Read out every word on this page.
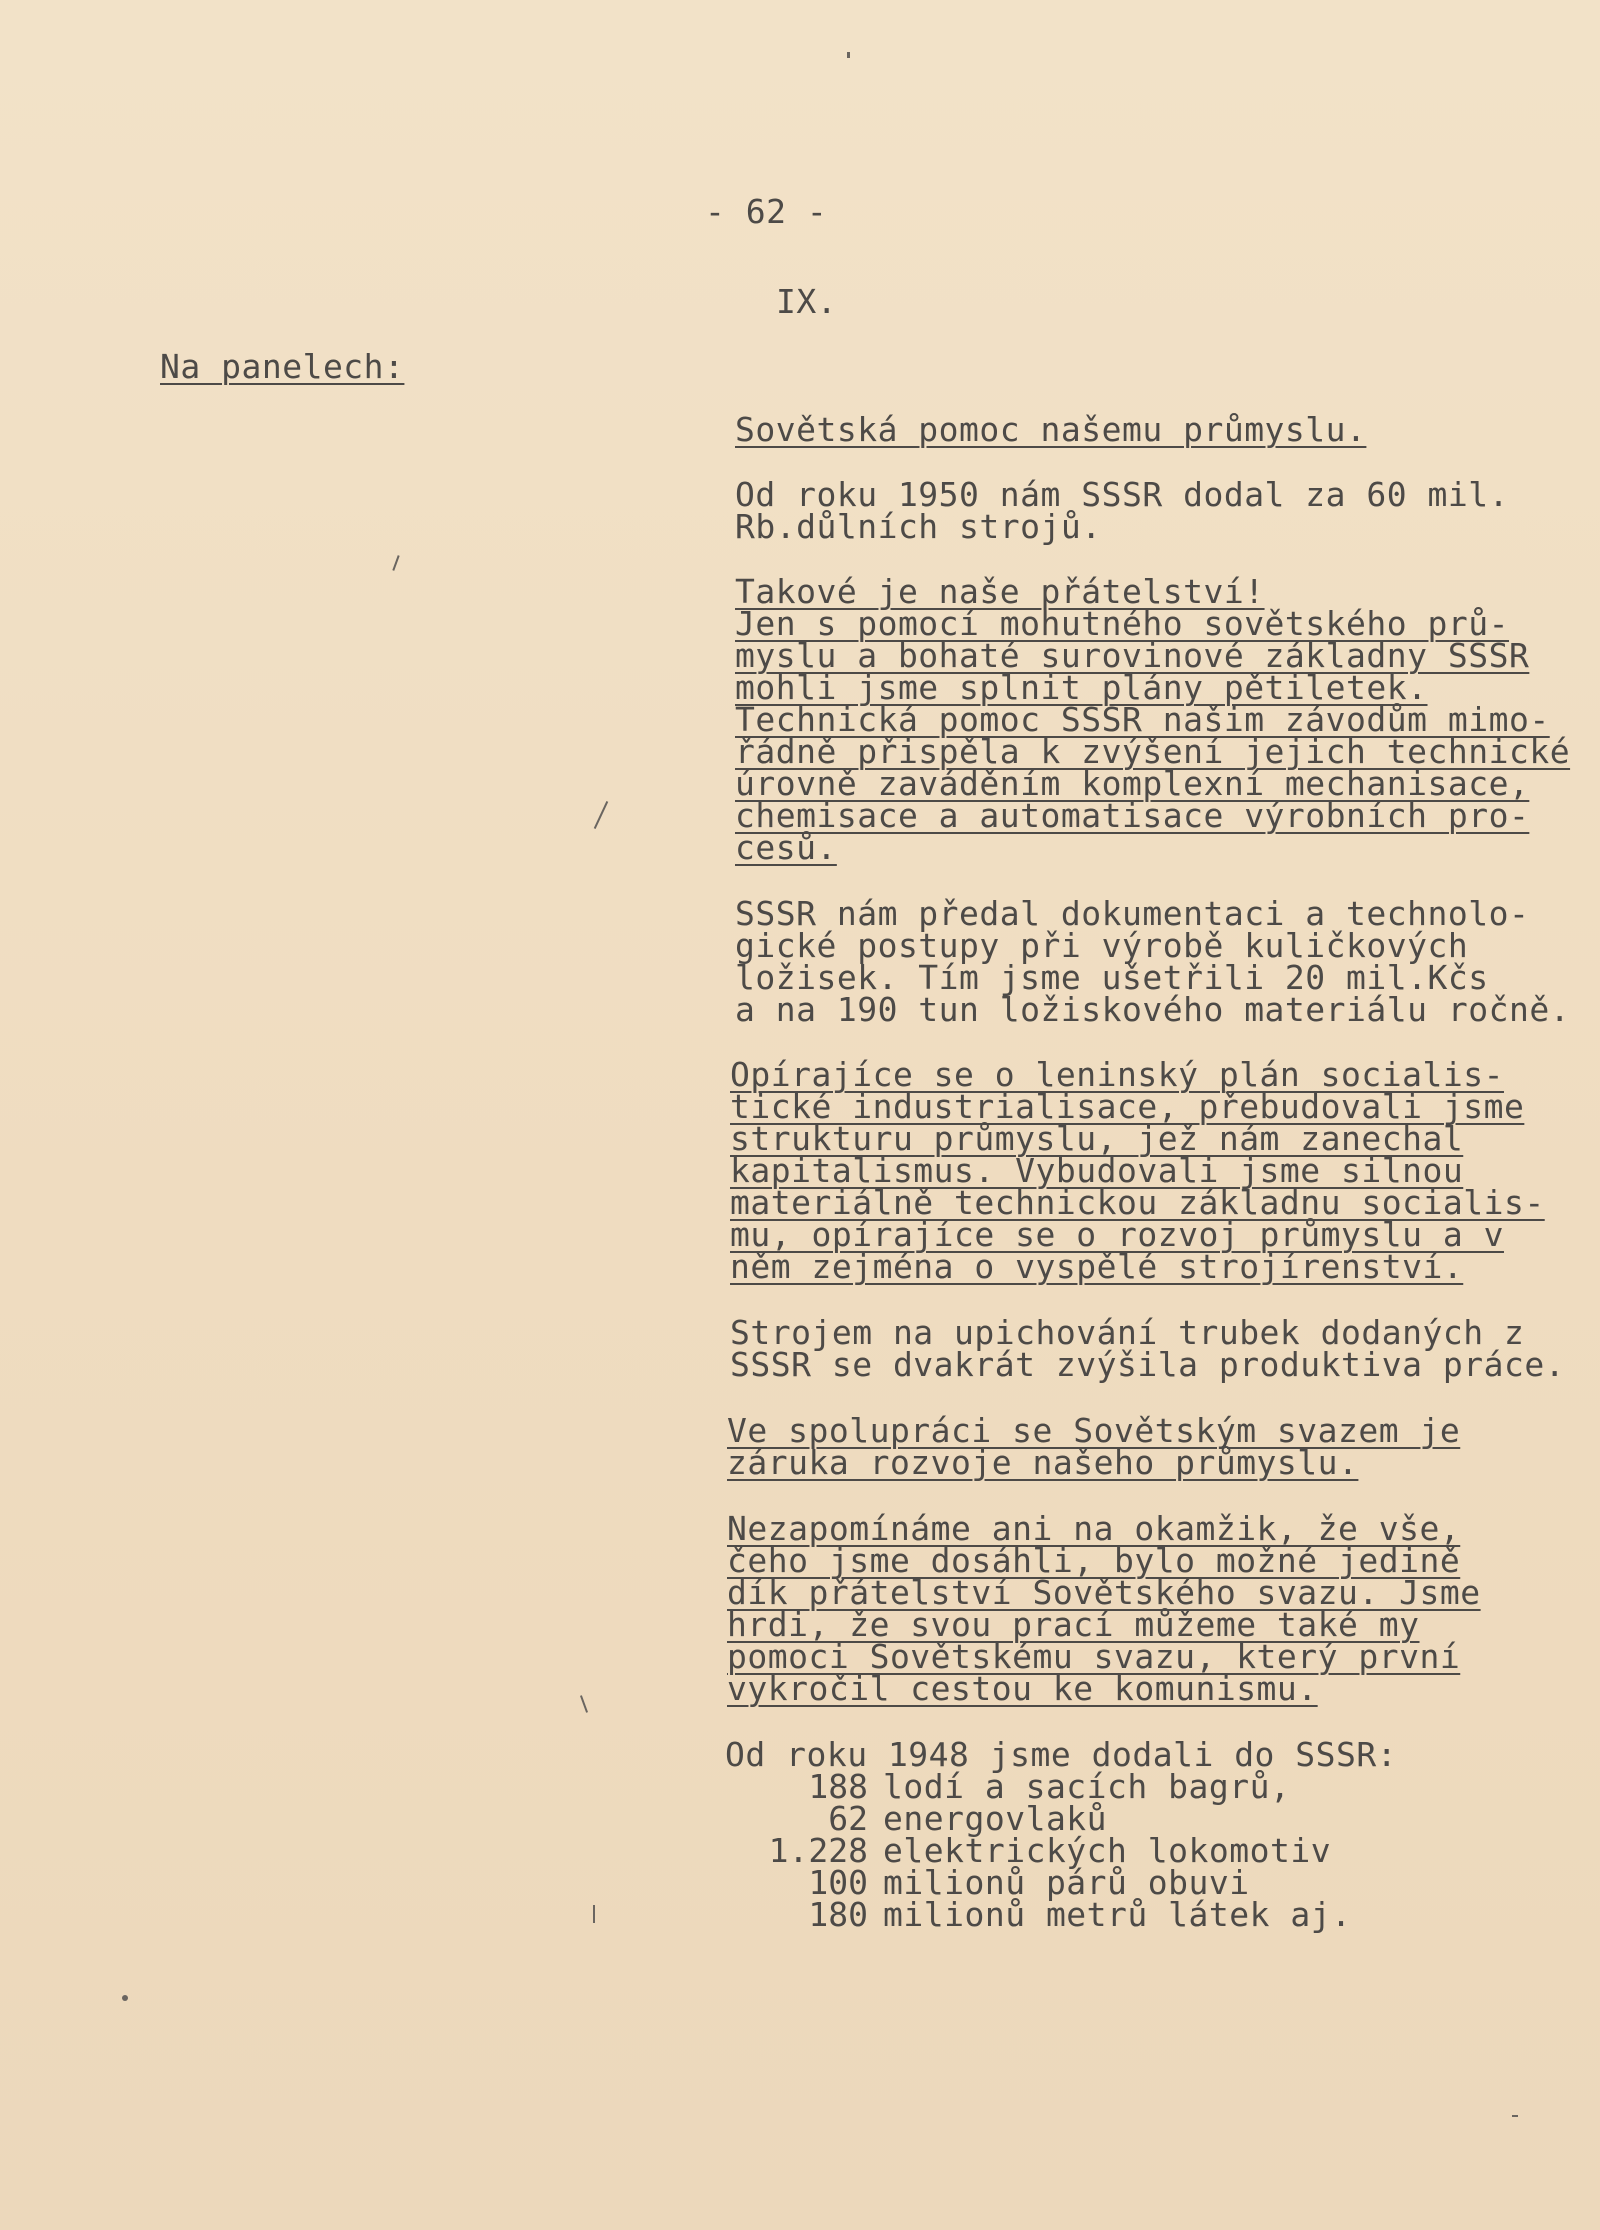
- 62 -
IX.
Na panelech:
Sovětská pomoc našemu průmyslu.
Od roku 1950 nám SSSR dodal za 60 mil.
Rb.důlních strojů.
Takové je naše přátelství!
Jen s pomocí mohutného sovětského prů-
myslu a bohaté surovinové základny SSSR
mohli jsme splnit plány pětiletek.
Technická pomoc SSSR našim závodům mimo-
řádně přispěla k zvýšení jejich technické
úrovně zaváděním komplexní mechanisace,
chemisace a automatisace výrobních pro-
cesů.
SSSR nám předal dokumentaci a technolo-
gické postupy při výrobě kuličkových
ložisek. Tím jsme ušetřili 20 mil.Kčs
a na 190 tun ložiskového materiálu ročně.
Opírajíce se o leninský plán socialis-
tické industrialisace, přebudovali jsme
strukturu průmyslu, jež nám zanechal
kapitalismus. Vybudovali jsme silnou
materiálně technickou základnu socialis-
mu, opírajíce se o rozvoj průmyslu a v
něm zejména o vyspělé strojírenství.
Strojem na upichování trubek dodaných z
SSSR se dvakrát zvýšila produktiva práce.
Ve spolupráci se Sovětským svazem je
záruka rozvoje našeho průmyslu.
Nezapomínáme ani na okamžik, že vše,
čeho jsme dosáhli, bylo možné jedině
dík přátelství Sovětského svazu. Jsme
hrdi, že svou prací můžeme také my
pomoci Sovětskému svazu, který první
vykročil cestou ke komunismu.
Od roku 1948 jsme dodali do SSSR:
188 lodí a sacích bagrů,
62 energovlaků
1.228 elektrických lokomotiv
100 milionů párů obuvi
180 milionů metrů látek aj.
